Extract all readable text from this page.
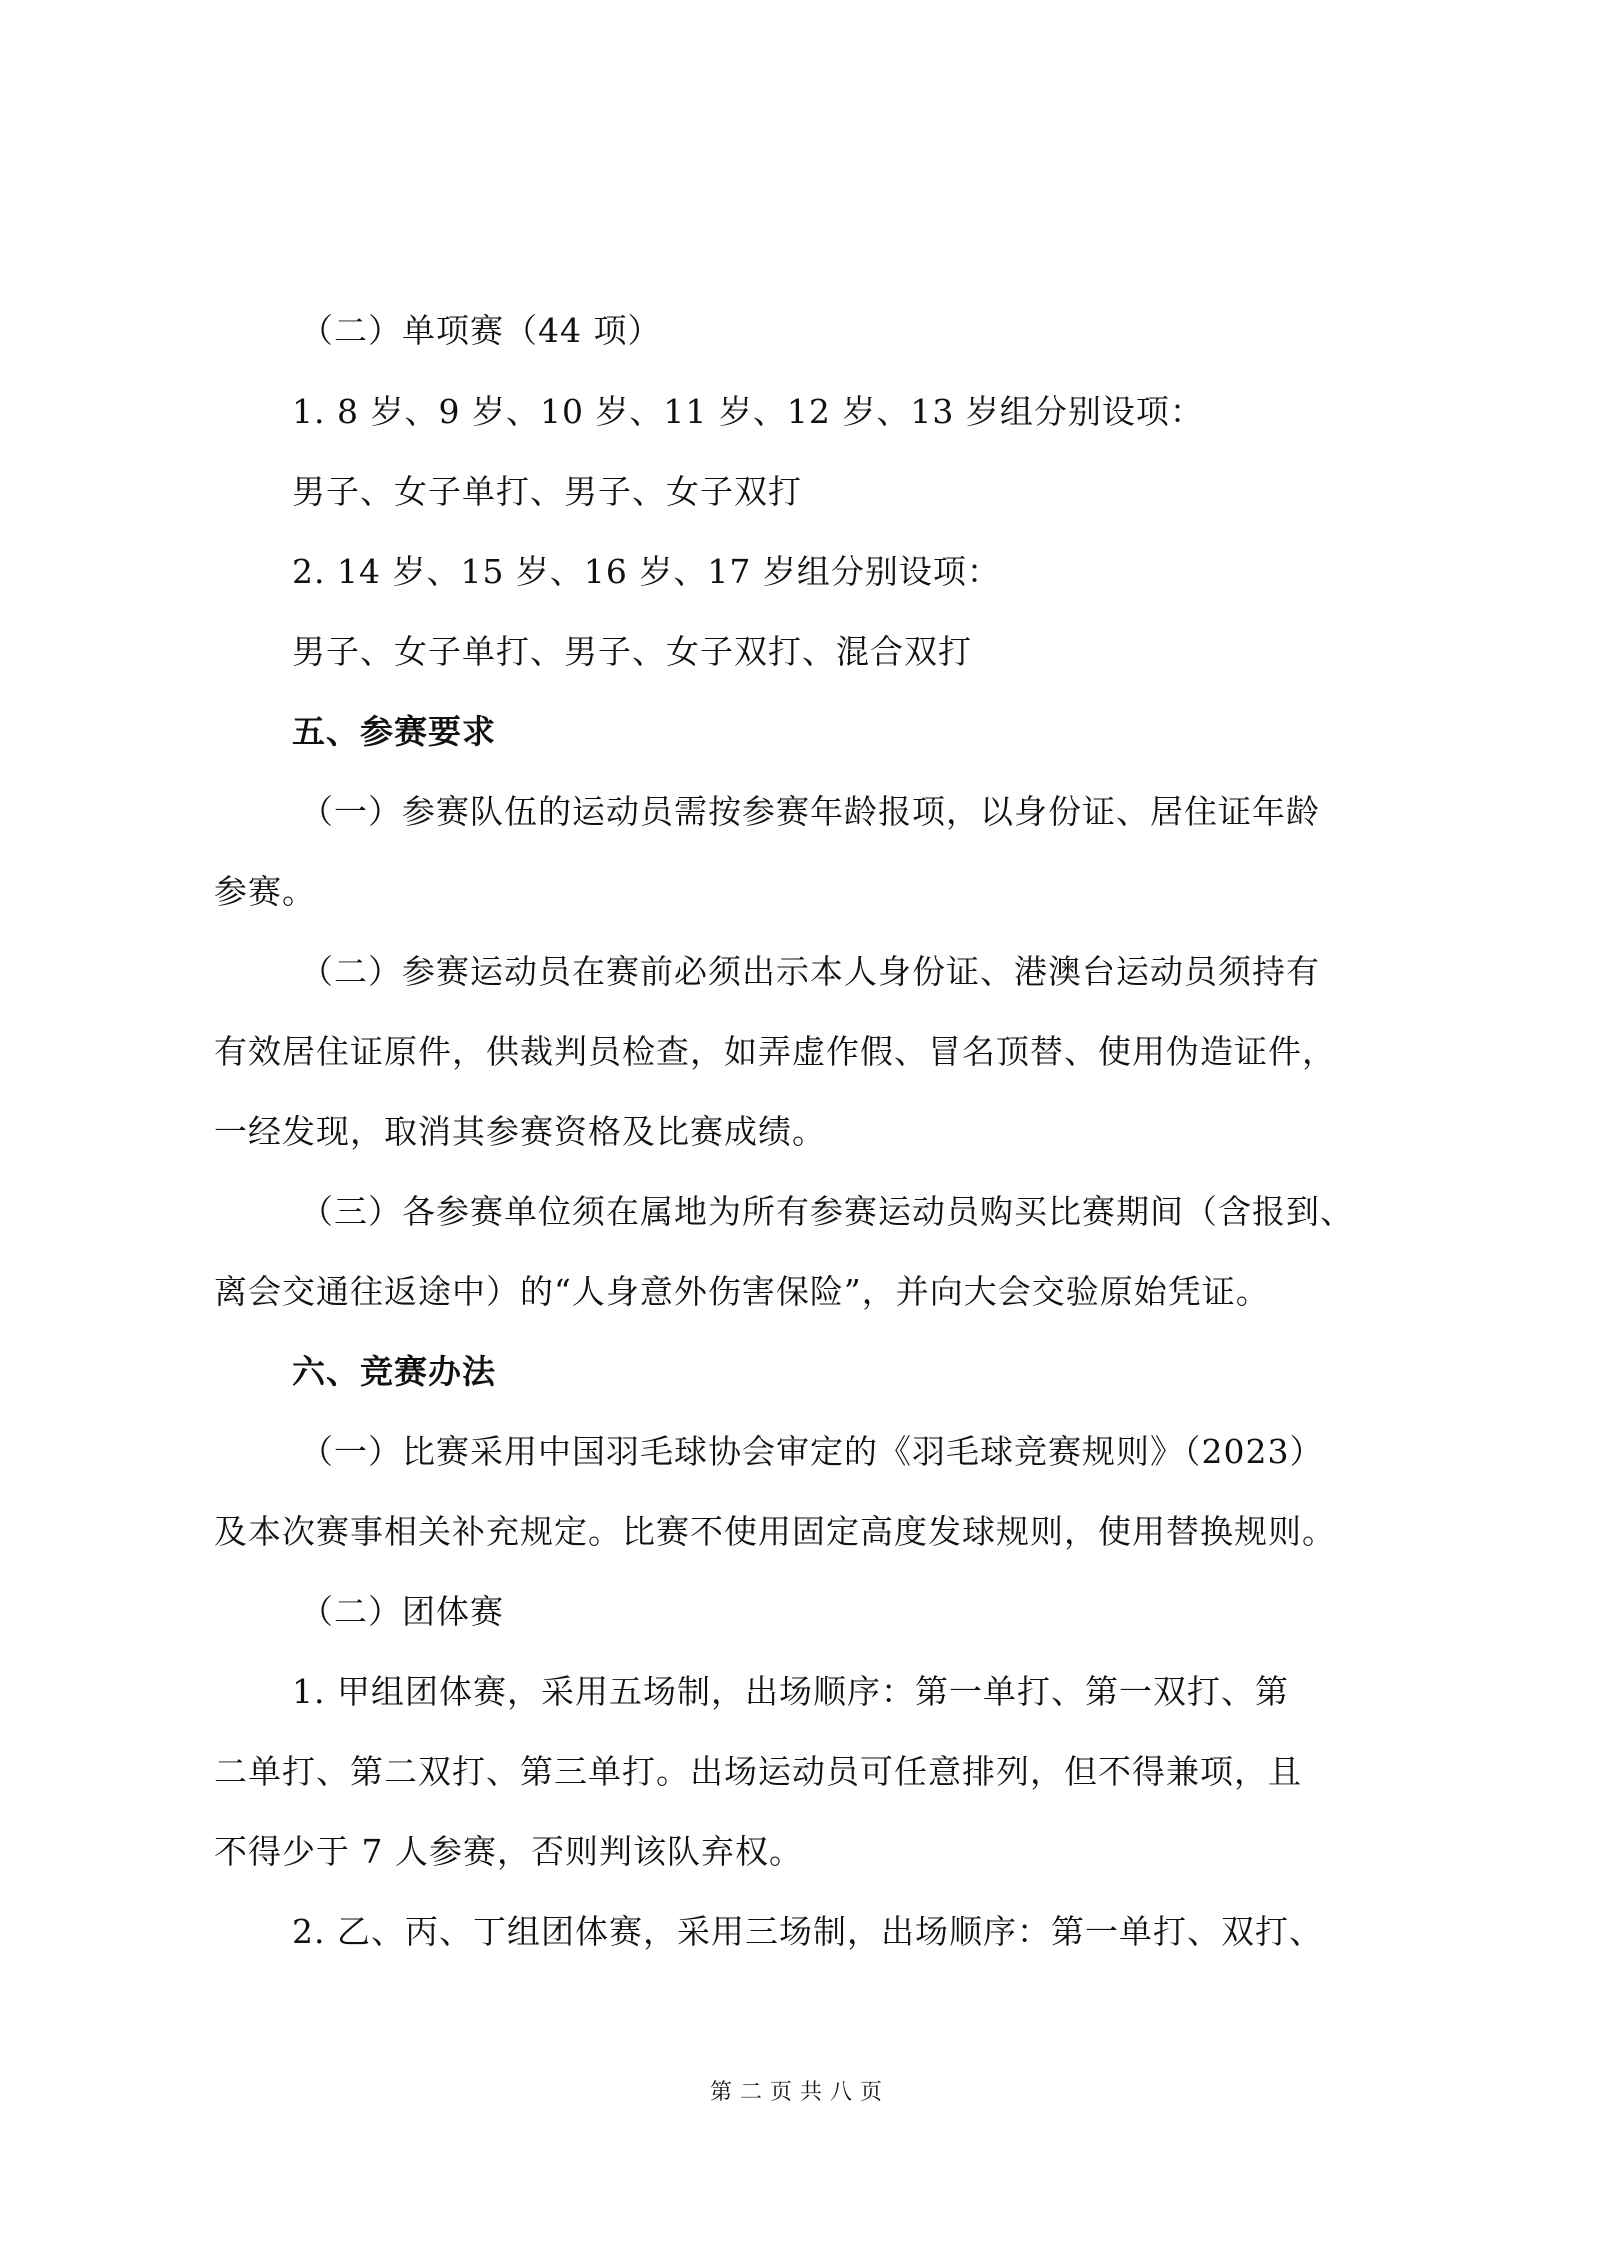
（二）单项赛（44 项）
1. 8 岁、9 岁、10 岁、11 岁、12 岁、13 岁组分别设项：
男子、女子单打、男子、女子双打
2. 14 岁、15 岁、16 岁、17 岁组分别设项：
男子、女子单打、男子、女子双打、混合双打
五、参赛要求
（一）参赛队伍的运动员需按参赛年龄报项，以身份证、居住证年龄
参赛。
（二）参赛运动员在赛前必须出示本人身份证、港澳台运动员须持有
有效居住证原件，供裁判员检查，如弄虚作假、冒名顶替、使用伪造证件，
一经发现，取消其参赛资格及比赛成绩。
（三）各参赛单位须在属地为所有参赛运动员购买比赛期间（含报到、
离会交通往返途中）的“人身意外伤害保险”，并向大会交验原始凭证。
六、竞赛办法
（一）比赛采用中国羽毛球协会审定的《羽毛球竞赛规则》（2023）
及本次赛事相关补充规定。比赛不使用固定高度发球规则，使用替换规则。
（二）团体赛
1. 甲组团体赛，采用五场制，出场顺序：第一单打、第一双打、第
二单打、第二双打、第三单打。出场运动员可任意排列，但不得兼项，且
不得少于 7 人参赛，否则判该队弃权。
2. 乙、丙、丁组团体赛，采用三场制，出场顺序：第一单打、双打、
第二页共八页
